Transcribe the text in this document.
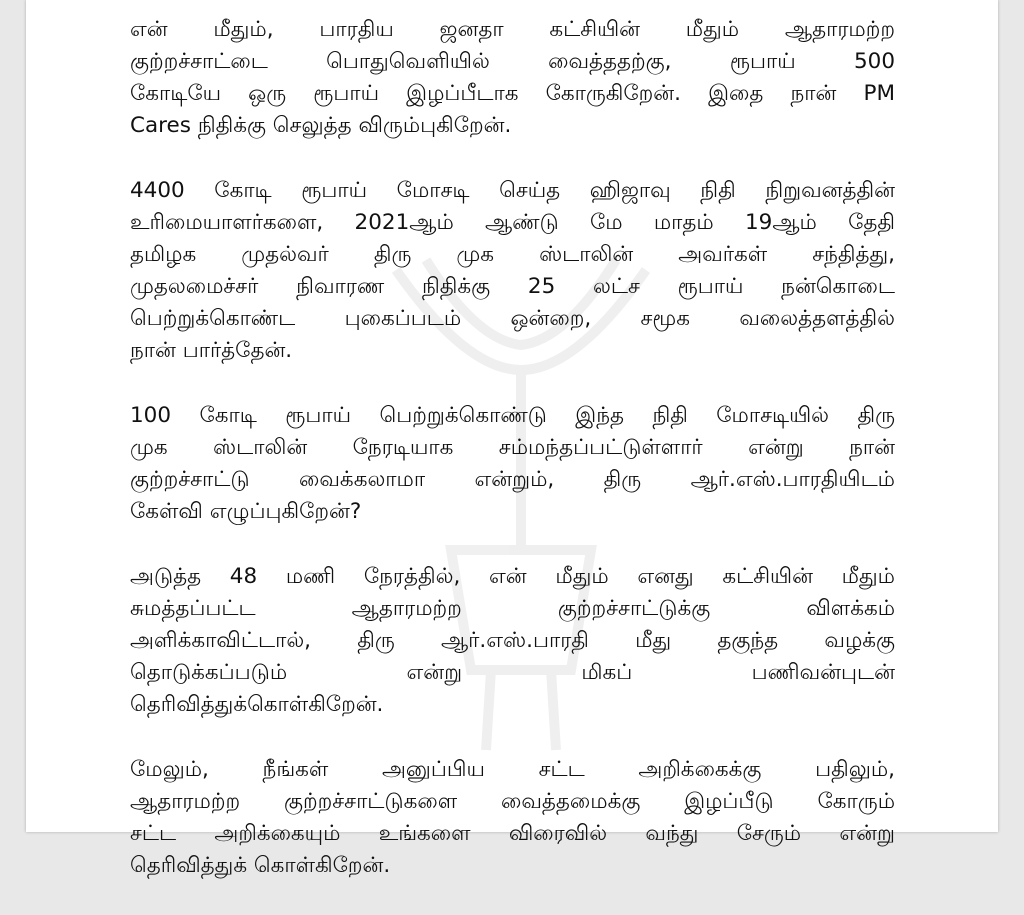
என் மீதும், பாரதிய ஜனதா கட்சியின் மீதும் ஆதாரமற்ற
குற்றச்சாட்டை பொதுவெளியில் வைத்ததற்கு, ரூபாய் 500
கோடியே ஒரு ரூபாய் இழப்பீடாக கோருகிறேன். இதை நான் PM
Cares நிதிக்கு செலுத்த விரும்புகிறேன்.
4400 கோடி ரூபாய் மோசடி செய்த ஹிஜாவு நிதி நிறுவனத்தின்
உரிமையாளர்களை, 2021ஆம் ஆண்டு மே மாதம் 19ஆம் தேதி
தமிழக முதல்வர் திரு முக ஸ்டாலின் அவர்கள் சந்தித்து,
முதலமைச்சர் நிவாரண நிதிக்கு 25 லட்ச ரூபாய் நன்கொடை
பெற்றுக்கொண்ட புகைப்படம் ஒன்றை, சமூக வலைத்தளத்தில்
நான் பார்த்தேன்.
100 கோடி ரூபாய் பெற்றுக்கொண்டு இந்த நிதி மோசடியில் திரு
முக ஸ்டாலின் நேரடியாக சம்மந்தப்பட்டுள்ளார் என்று நான்
குற்றச்சாட்டு வைக்கலாமா என்றும், திரு ஆர்.எஸ்.பாரதியிடம்
கேள்வி எழுப்புகிறேன்?
அடுத்த 48 மணி நேரத்தில், என் மீதும் எனது கட்சியின் மீதும்
சுமத்தப்பட்ட ஆதாரமற்ற குற்றச்சாட்டுக்கு விளக்கம்
அளிக்காவிட்டால், திரு ஆர்.எஸ்.பாரதி மீது தகுந்த வழக்கு
தொடுக்கப்படும் என்று மிகப் பணிவன்புடன்
தெரிவித்துக்கொள்கிறேன்.
மேலும், நீங்கள் அனுப்பிய சட்ட அறிக்கைக்கு பதிலும்,
ஆதாரமற்ற குற்றச்சாட்டுகளை வைத்தமைக்கு இழப்பீடு கோரும்
சட்ட அறிக்கையும் உங்களை விரைவில் வந்து சேரும் என்று
தெரிவித்துக் கொள்கிறேன்.
